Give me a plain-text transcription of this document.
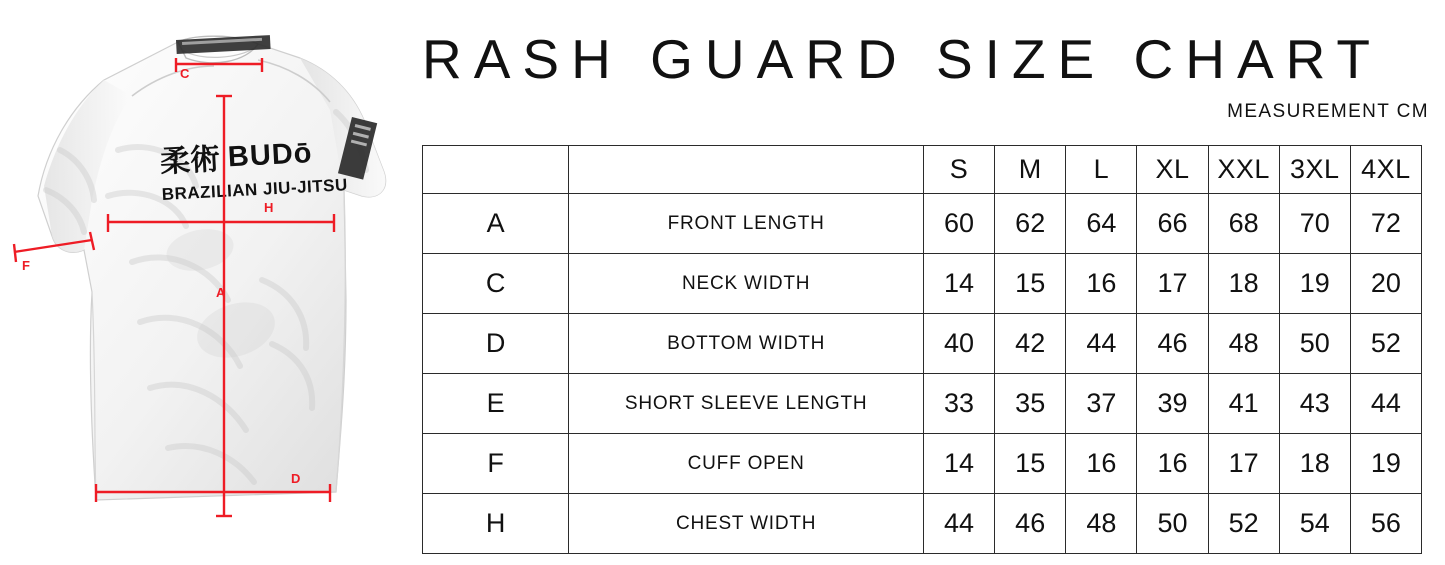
柔術 BUDō
BRAZILIAN JIU-JITSU
C
A
H
D
F
RASH GUARD SIZE CHART
MEASUREMENT CM
		S	M	L	XL	XXL	3XL	4XL
A	FRONT LENGTH	60	62	64	66	68	70	72
C	NECK WIDTH	14	15	16	17	18	19	20
D	BOTTOM WIDTH	40	42	44	46	48	50	52
E	SHORT SLEEVE LENGTH	33	35	37	39	41	43	44
F	CUFF OPEN	14	15	16	16	17	18	19
H	CHEST WIDTH	44	46	48	50	52	54	56
